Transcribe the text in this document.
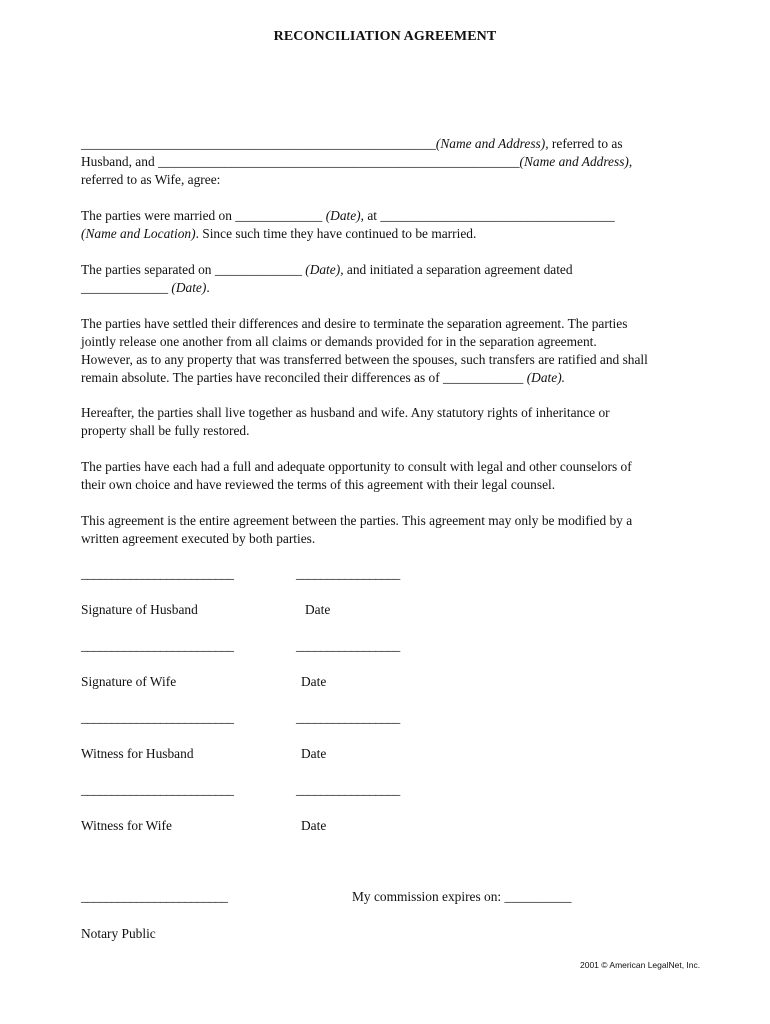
RECONCILIATION AGREEMENT
_____________________________________________________(Name and Address), referred to as
Husband, and ______________________________________________________(Name and Address),
referred to as Wife, agree:
The parties were married on _____________ (Date), at ___________________________________
(Name and Location). Since such time they have continued to be married.
The parties separated on _____________ (Date), and initiated a separation agreement dated
_____________ (Date).
The parties have settled their differences and desire to terminate the separation agreement. The parties
jointly release one another from all claims or demands provided for in the separation agreement.
However, as to any property that was transferred between the spouses, such transfers are ratified and shall
remain absolute. The parties have reconciled their differences as of ____________ (Date).
Hereafter, the parties shall live together as husband and wife. Any statutory rights of inheritance or
property shall be fully restored.
The parties have each had a full and adequate opportunity to consult with legal and other counselors of
their own choice and have reviewed the terms of this agreement with their legal counsel.
This agreement is the entire agreement between the parties. This agreement may only be modified by a
written agreement executed by both parties.
_________________________	_________________
Signature of Husband	Date
_________________________	_________________
Signature of Wife	Date
_________________________	_________________
Witness for Husband	Date
_________________________	_________________
Witness for Wife	Date
________________________	My commission expires on: __________
Notary Public
2001 © American LegalNet, Inc.
